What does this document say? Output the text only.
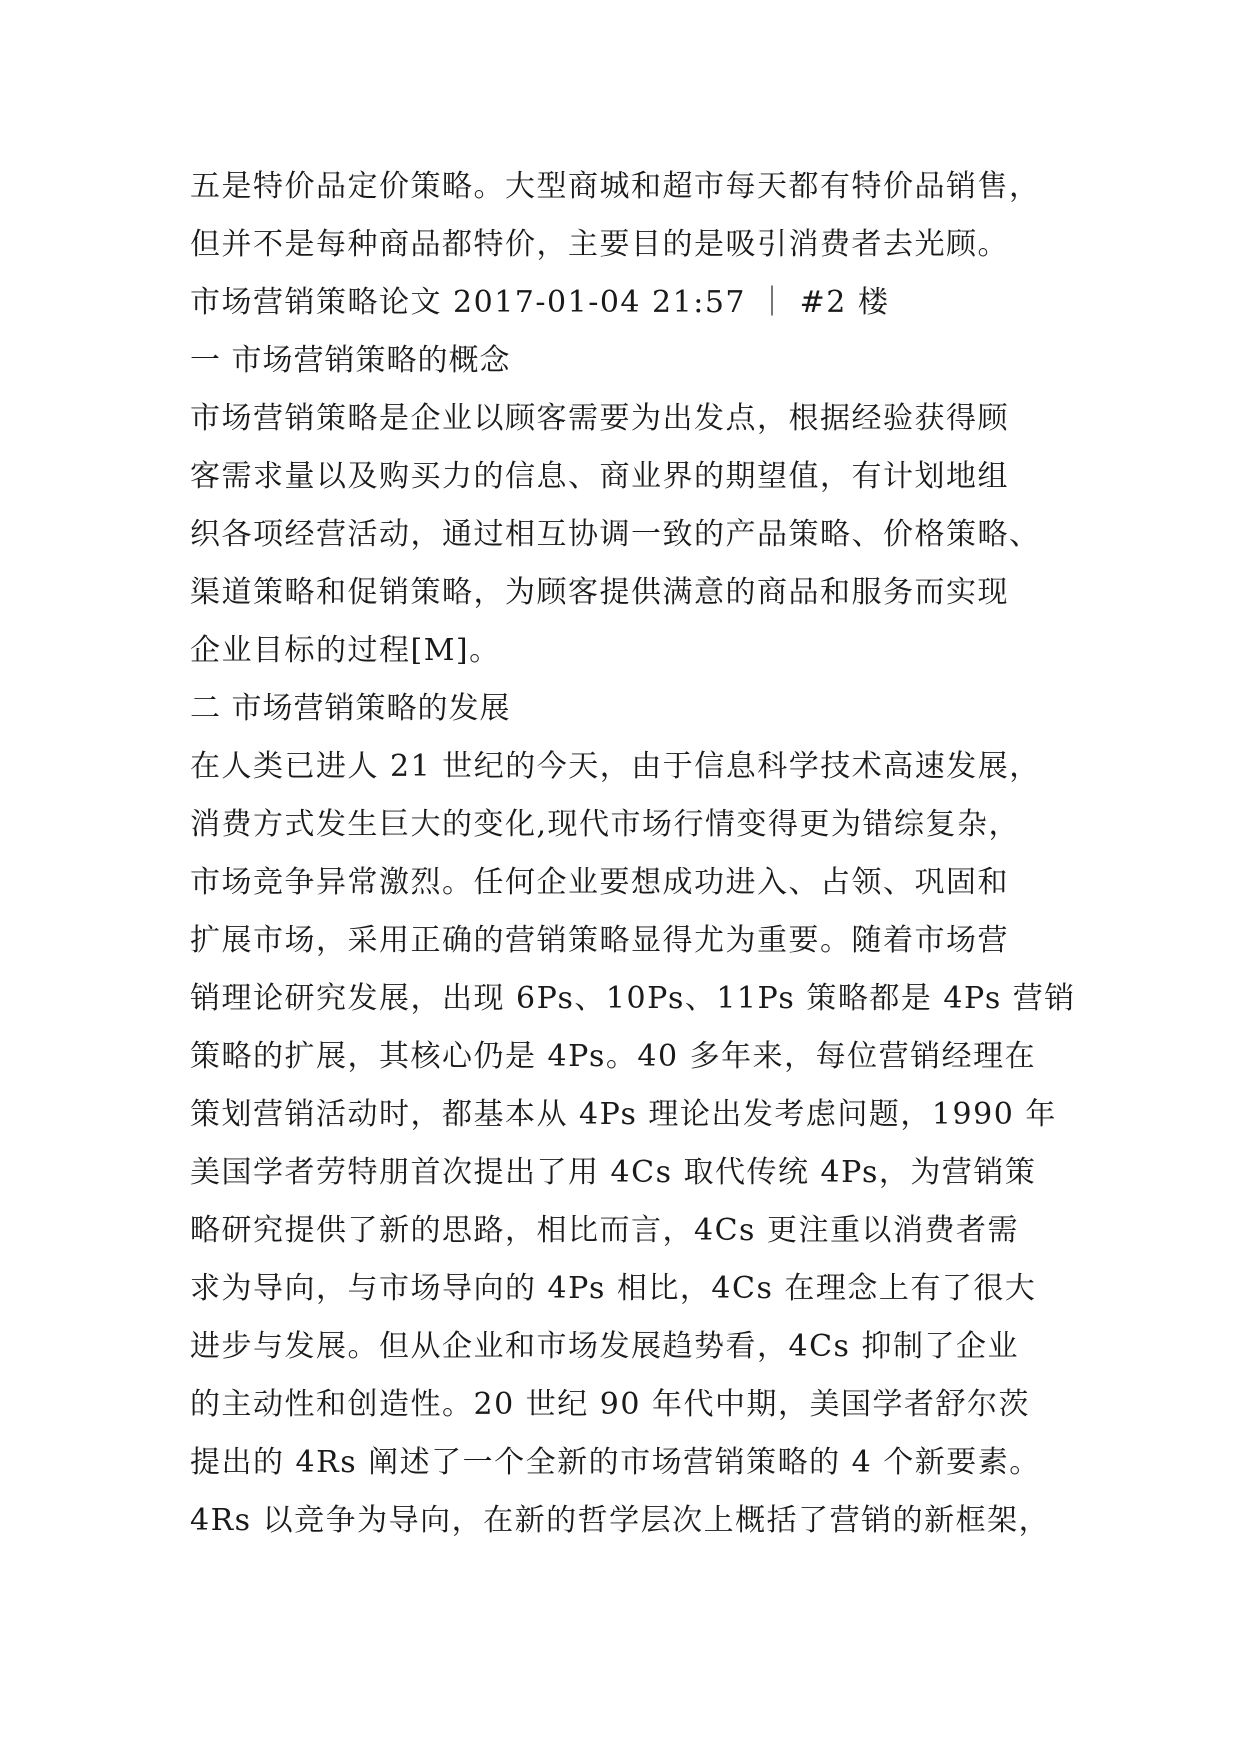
五是特价品定价策略。大型商城和超市每天都有特价品销售，
但并不是每种商品都特价，主要目的是吸引消费者去光顾。
市场营销策略论文 2017-01-04 21:57 ｜ #2 楼
一 市场营销策略的概念
市场营销策略是企业以顾客需要为出发点，根据经验获得顾
客需求量以及购买力的信息、商业界的期望值，有计划地组
织各项经营活动，通过相互协调一致的产品策略、价格策略、
渠道策略和促销策略，为顾客提供满意的商品和服务而实现
企业目标的过程[M]。
二 市场营销策略的发展
在人类已进人 21 世纪的今天，由于信息科学技术高速发展，
消费方式发生巨大的变化,现代市场行情变得更为错综复杂，
市场竞争异常激烈。任何企业要想成功进入、占领、巩固和
扩展市场，采用正确的营销策略显得尤为重要。随着市场营
销理论研究发展，出现 6Ps、10Ps、11Ps 策略都是 4Ps 营销
策略的扩展，其核心仍是 4Ps。40 多年来，每位营销经理在
策划营销活动时，都基本从 4Ps 理论出发考虑问题，1990 年
美国学者劳特朋首次提出了用 4Cs 取代传统 4Ps，为营销策
略研究提供了新的思路，相比而言，4Cs 更注重以消费者需
求为导向，与市场导向的 4Ps 相比，4Cs 在理念上有了很大
进步与发展。但从企业和市场发展趋势看，4Cs 抑制了企业
的主动性和创造性。20 世纪 90 年代中期，美国学者舒尔茨
提出的 4Rs 阐述了一个全新的市场营销策略的 4 个新要素。
4Rs 以竞争为导向，在新的哲学层次上概括了营销的新框架，
